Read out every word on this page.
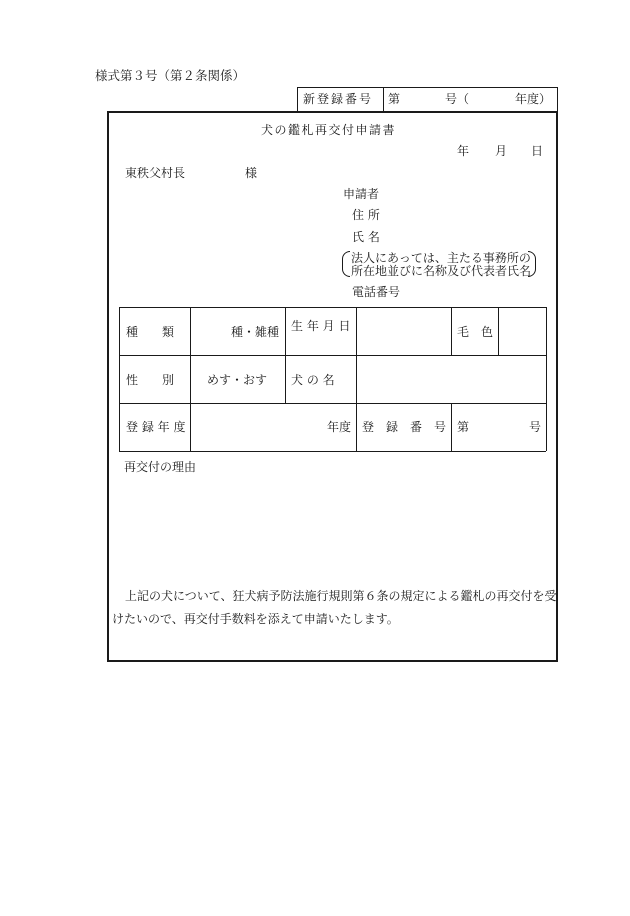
様式第３号（第２条関係）
新登録番号 第	号（	年度）
犬の鑑札再交付申請書
年 月 日
東秩父村長	様
申請者
住 所
氏 名
法人にあっては、主たる事務所の
所在地並びに名称及び代表者氏名
電話番号
種　　類	種・雑種 生 年 月 日	毛　色
性　　別	めす・おす 犬 の 名
登 録 年 度	年度 登　録　番　号 第	号
再交付の理由
上記の犬について、狂犬病予防法施行規則第６条の規定による鑑札の再交付を受
けたいので、再交付手数料を添えて申請いたします。
